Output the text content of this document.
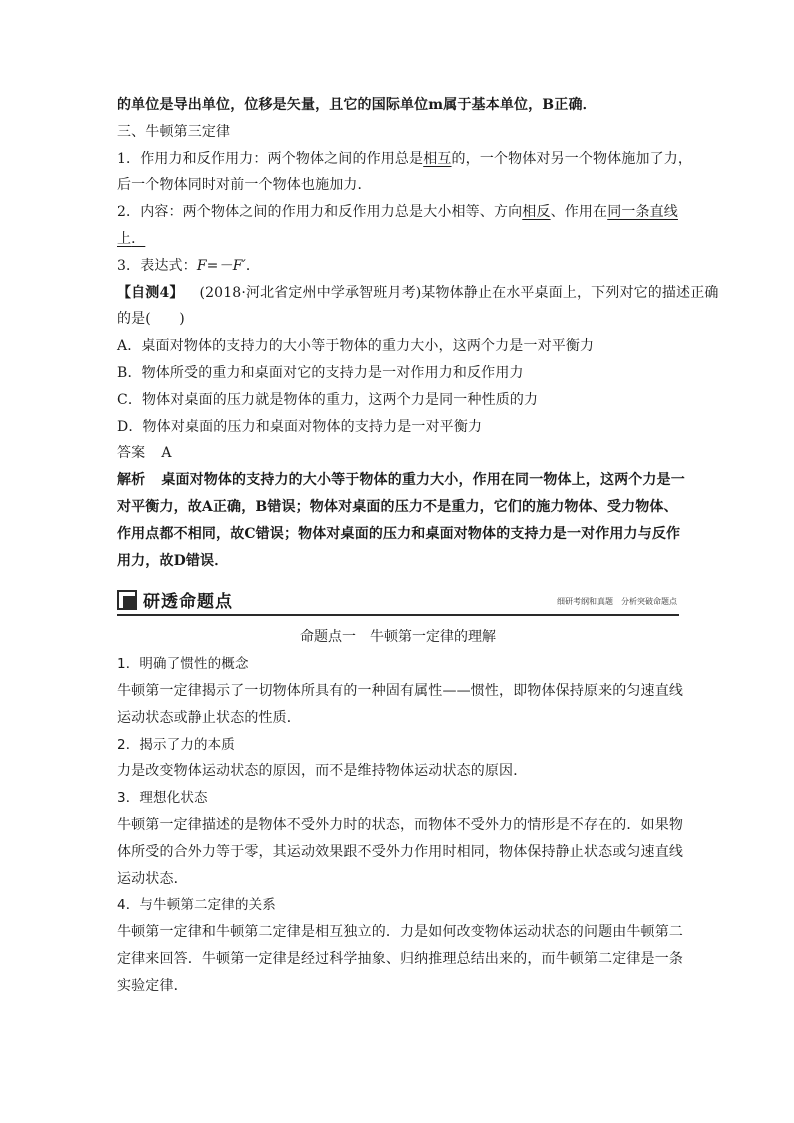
的单位是导出单位，位移是矢量，且它的国际单位m属于基本单位，B正确．
三、牛顿第三定律
1．作用力和反作用力：两个物体之间的作用总是相互的，一个物体对另一个物体施加了力，
后一个物体同时对前一个物体也施加力．
2．内容：两个物体之间的作用力和反作用力总是大小相等、方向相反、作用在同一条直线
上．
3．表达式：F=－F′．
【自测4】 (2018·河北省定州中学承智班月考)某物体静止在水平桌面上，下列对它的描述正确
的是(　　)
A．桌面对物体的支持力的大小等于物体的重力大小，这两个力是一对平衡力
B．物体所受的重力和桌面对它的支持力是一对作用力和反作用力
C．物体对桌面的压力就是物体的重力，这两个力是同一种性质的力
D．物体对桌面的压力和桌面对物体的支持力是一对平衡力
答案 A
解析 桌面对物体的支持力的大小等于物体的重力大小，作用在同一物体上，这两个力是一
对平衡力，故A正确，B错误；物体对桌面的压力不是重力，它们的施力物体、受力物体、
作用点都不相同，故C错误；物体对桌面的压力和桌面对物体的支持力是一对作用力与反作
用力，故D错误．
研透命题点	细研考纲和真题　分析突破命题点
命题点一　牛顿第一定律的理解
1．明确了惯性的概念
牛顿第一定律揭示了一切物体所具有的一种固有属性——惯性，即物体保持原来的匀速直线
运动状态或静止状态的性质．
2．揭示了力的本质
力是改变物体运动状态的原因，而不是维持物体运动状态的原因．
3．理想化状态
牛顿第一定律描述的是物体不受外力时的状态，而物体不受外力的情形是不存在的．如果物
体所受的合外力等于零，其运动效果跟不受外力作用时相同，物体保持静止状态或匀速直线
运动状态．
4．与牛顿第二定律的关系
牛顿第一定律和牛顿第二定律是相互独立的．力是如何改变物体运动状态的问题由牛顿第二
定律来回答．牛顿第一定律是经过科学抽象、归纳推理总结出来的，而牛顿第二定律是一条
实验定律．
